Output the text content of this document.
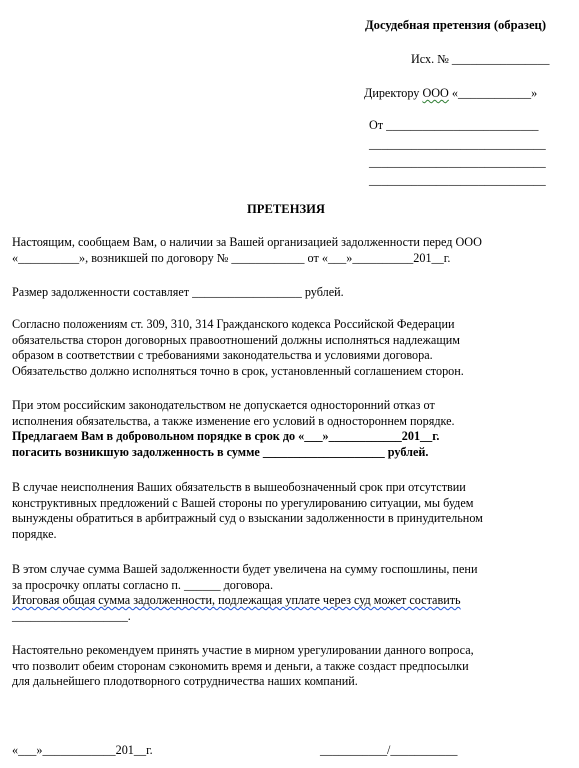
Досудебная претензия (образец)
Исх. № ________________
Директору ООО «____________»
От _________________________
_____________________________
_____________________________
_____________________________
ПРЕТЕНЗИЯ
Настоящим, сообщаем Вам, о наличии за Вашей организацией задолженности перед ООО
«__________», возникшей по договору № ____________ от «___»__________201__г.
Размер задолженности составляет __________________ рублей.
Согласно положениям ст. 309, 310, 314 Гражданского кодекса Российской Федерации
обязательства сторон договорных правоотношений должны исполняться надлежащим
образом в соответствии с требованиями законодательства и условиями договора.
Обязательство должно исполняться точно в срок, установленный соглашением сторон.
При этом российским законодательством не допускается односторонний отказ от
исполнения обязательства, а также изменение его условий в одностороннем порядке.
Предлагаем Вам в добровольном порядке в срок до «___»____________201__г.
погасить возникшую задолженность в сумме ____________________ рублей.
В случае неисполнения Ваших обязательств в вышеобозначенный срок при отсутствии
конструктивных предложений с Вашей стороны по урегулированию ситуации, мы будем
вынуждены обратиться в арбитражный суд о взыскании задолженности в принудительном
порядке.
В этом случае сумма Вашей задолженности будет увеличена на сумму госпошлины, пени
за просрочку оплаты согласно п. ______ договора.
Итоговая общая сумма задолженности, подлежащая уплате через суд может составить
___________________.
Настоятельно рекомендуем принять участие в мирном урегулировании данного вопроса,
что позволит обеим сторонам сэкономить время и деньги, а также создаст предпосылки
для дальнейшего плодотворного сотрудничества наших компаний.
«___»____________201__г.	___________/___________
